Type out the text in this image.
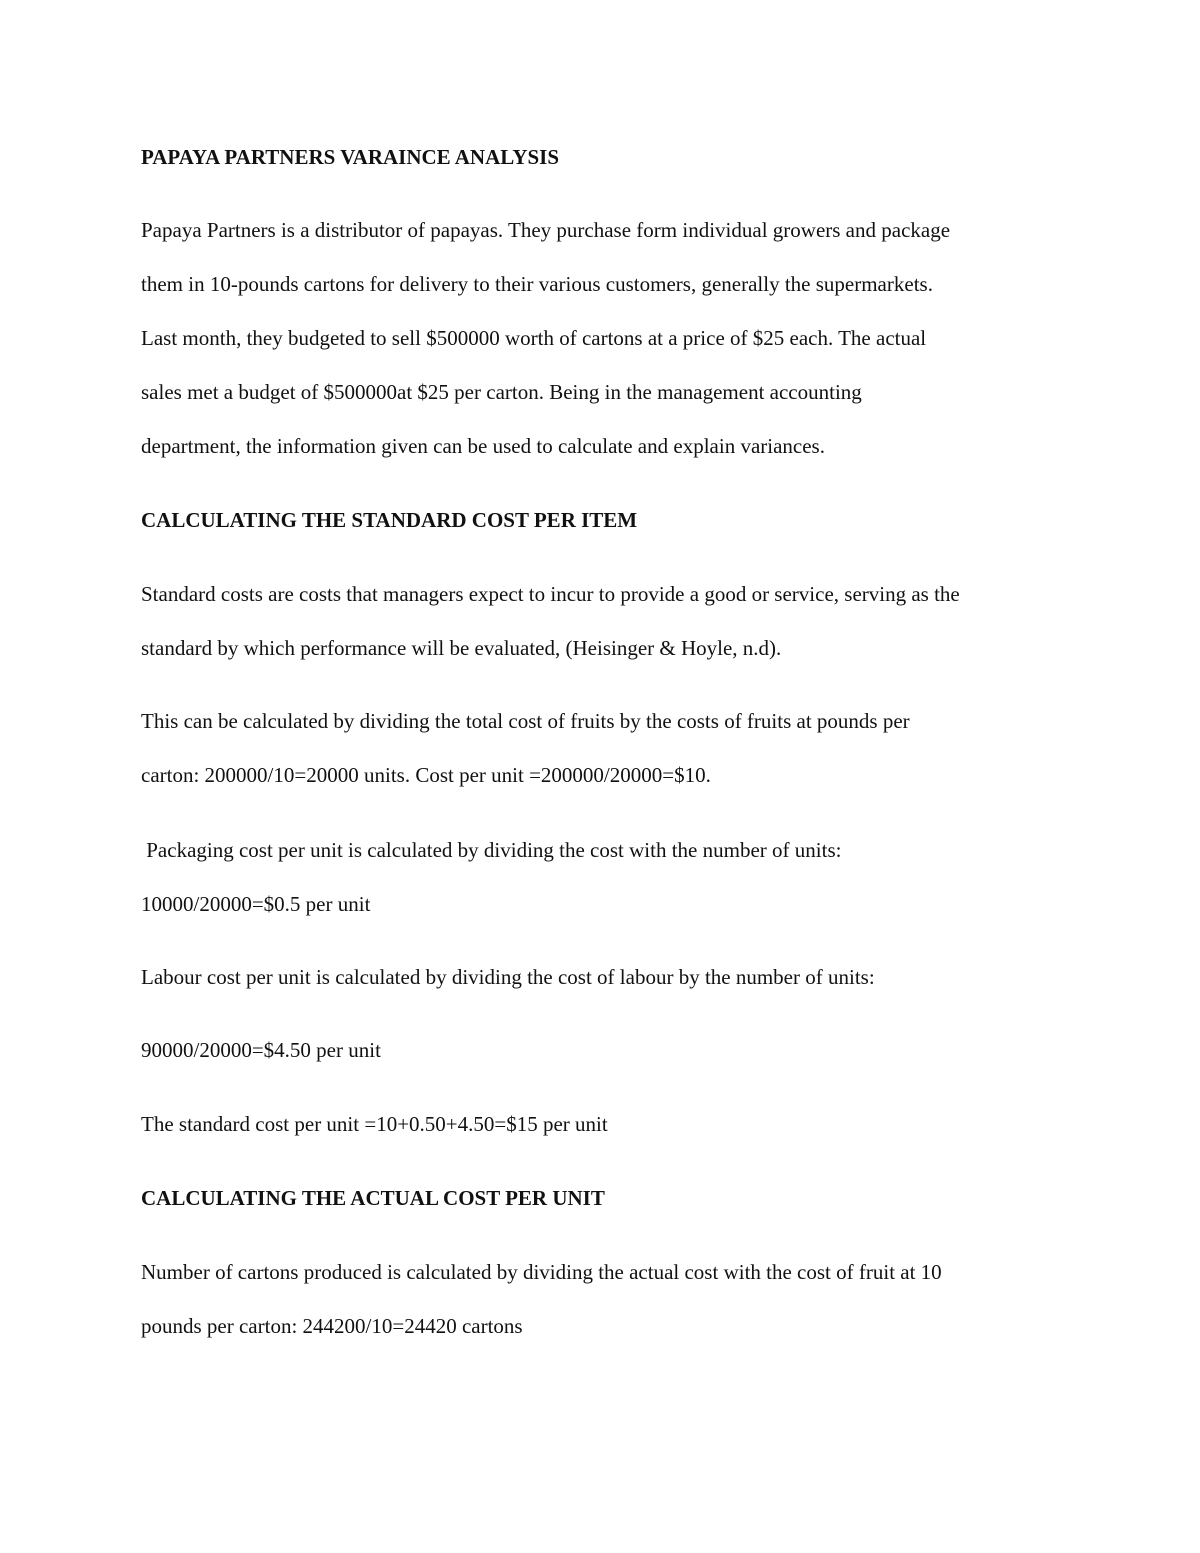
PAPAYA PARTNERS VARAINCE ANALYSIS
Papaya Partners is a distributor of papayas. They purchase form individual growers and package
them in 10-pounds cartons for delivery to their various customers, generally the supermarkets.
Last month, they budgeted to sell $500000 worth of cartons at a price of $25 each. The actual
sales met a budget of $500000at $25 per carton. Being in the management accounting
department, the information given can be used to calculate and explain variances.
CALCULATING THE STANDARD COST PER ITEM
Standard costs are costs that managers expect to incur to provide a good or service, serving as the
standard by which performance will be evaluated, (Heisinger & Hoyle, n.d).
This can be calculated by dividing the total cost of fruits by the costs of fruits at pounds per
carton: 200000/10=20000 units. Cost per unit =200000/20000=$10.
Packaging cost per unit is calculated by dividing the cost with the number of units:
10000/20000=$0.5 per unit
Labour cost per unit is calculated by dividing the cost of labour by the number of units:
90000/20000=$4.50 per unit
The standard cost per unit =10+0.50+4.50=$15 per unit
CALCULATING THE ACTUAL COST PER UNIT
Number of cartons produced is calculated by dividing the actual cost with the cost of fruit at 10
pounds per carton: 244200/10=24420 cartons
